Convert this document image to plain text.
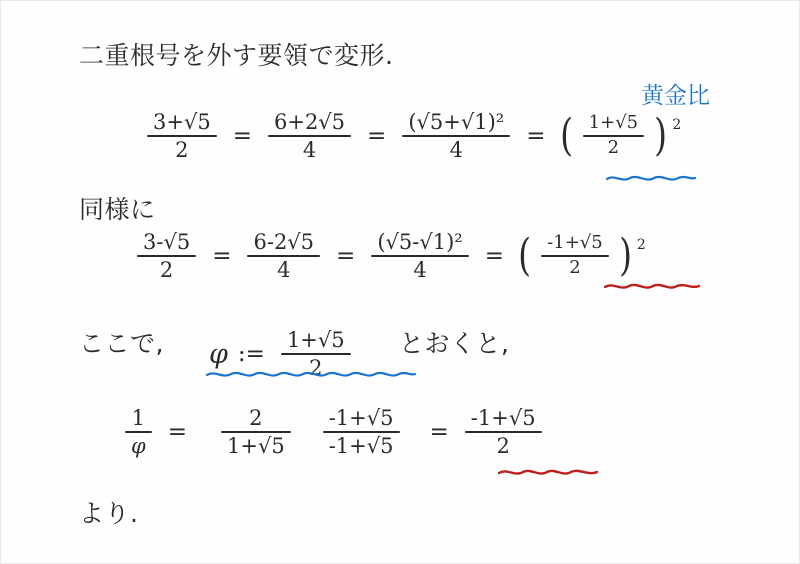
二重根号を外す要領で変形.
黄金比
$\frac{3+√5}{2} = \frac{6+2√5}{4} = \frac{\text{(√5+√1)²}}{4}$ = ( $\frac{1+√5}{2}$ ) 2
同様に
$\frac{3-√5}{2} = \frac{6-2√5}{4} = \frac{\text{(√5-√1)²}}{4}$ = ( $\frac{-1+√5}{2}$ ) 2
ここで, φ := $\frac{1+√5}{2}$ とおくと,
$\frac{1}{\varphi} = \frac{2}{1+√5} \frac{-1+√5}{-1+√5} = \frac{-1+√5}{2}$
より.
